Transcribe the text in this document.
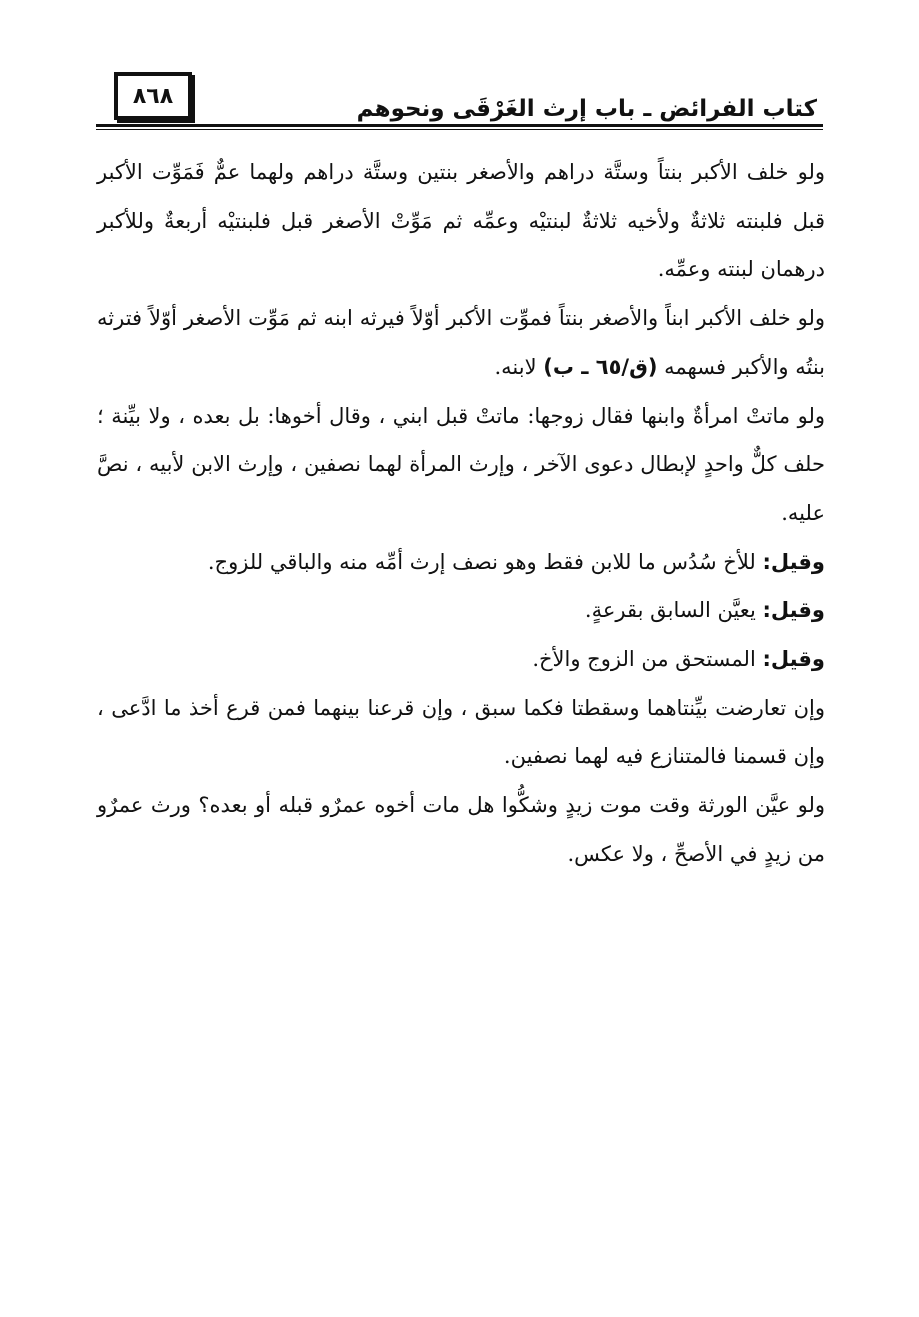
٨٦٨	كتاب الفرائض ـ باب إرث الغَرْقَى ونحوهم

ولو خلف الأكبر بنتاً وستَّة دراهم والأصغر بنتين وستَّة دراهم ولهما عمٌّ فَمَوِّت الأكبر قبل فلبنته ثلاثةٌ ولأخيه ثلاثةٌ لبنتيْه وعمِّه ثم مَوِّتْ الأصغر قبل فلبنتيْه أربعةٌ وللأكبر درهمان لبنته وعمِّه.

ولو خلف الأكبر ابناً والأصغر بنتاً فموِّت الأكبر أوّلاً فيرثه ابنه ثم مَوِّت الأصغر أوّلاً فترثه بنتُه والأكبر فسهمه (ق/٦٥ ـ ب) لابنه.

ولو ماتتْ امرأةٌ وابنها فقال زوجها: ماتتْ قبل ابني ، وقال أخوها: بل بعده ، ولا بيِّنة ؛ حلف كلٌّ واحدٍ لإبطال دعوى الآخر ، وإرث المرأة لهما نصفين ، وإرث الابن لأبيه ، نصَّ عليه.

وقيل: للأخ سُدُس ما للابن فقط وهو نصف إرث أمِّه منه والباقي للزوج.

وقيل: يعيَّن السابق بقرعةٍ.

وقيل: المستحق من الزوج والأخ.

وإن تعارضت بيِّنتاهما وسقطتا فكما سبق ، وإن قرعنا بينهما فمن قرع أخذ ما ادَّعى ، وإن قسمنا فالمتنازع فيه لهما نصفين.

ولو عيَّن الورثة وقت موت زيدٍ وشكُّوا هل مات أخوه عمرٌو قبله أو بعده؟ ورث عمرٌو من زيدٍ في الأصحِّ ، ولا عكس.
